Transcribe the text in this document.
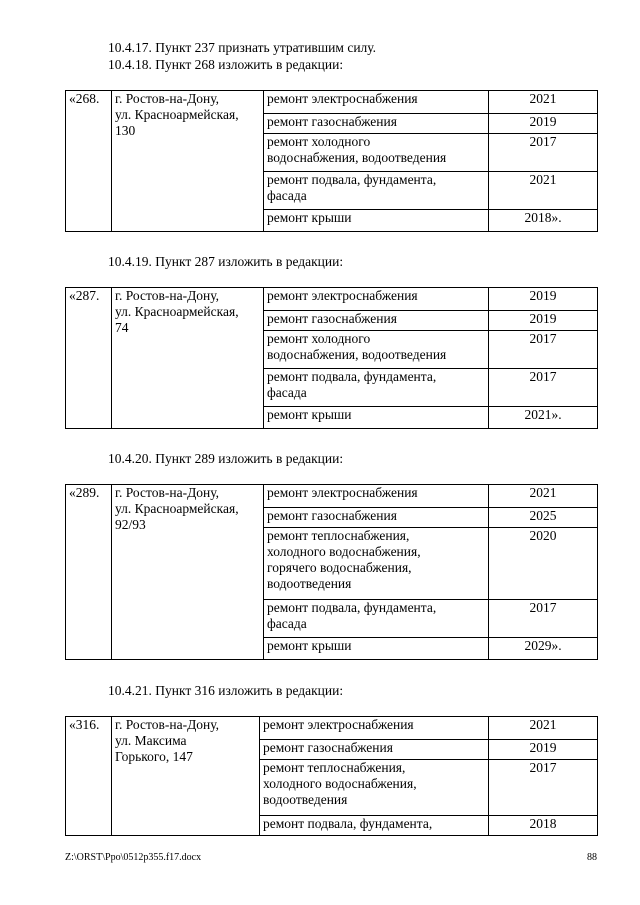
10.4.17. Пункт 237 признать утратившим силу.
10.4.18. Пункт 268 изложить в редакции:
«268.	г. Ростов-на-Дону,
ул. Красноармейская,
130	ремонт электроснабжения	2021
		ремонт газоснабжения	2019
		ремонт холодного
водоснабжения, водоотведения	2017
		ремонт подвала, фундамента,
фасада	2021
		ремонт крыши	2018».
10.4.19. Пункт 287 изложить в редакции:
«287.	г. Ростов-на-Дону,
ул. Красноармейская,
74	ремонт электроснабжения	2019
		ремонт газоснабжения	2019
		ремонт холодного
водоснабжения, водоотведения	2017
		ремонт подвала, фундамента,
фасада	2017
		ремонт крыши	2021».
10.4.20. Пункт 289 изложить в редакции:
«289.	г. Ростов-на-Дону,
ул. Красноармейская,
92/93	ремонт электроснабжения	2021
		ремонт газоснабжения	2025
		ремонт теплоснабжения,
холодного водоснабжения,
горячего водоснабжения,
водоотведения	2020
		ремонт подвала, фундамента,
фасада	2017
		ремонт крыши	2029».
10.4.21. Пункт 316 изложить в редакции:
«316.	г. Ростов-на-Дону,
ул. Максима
Горького, 147	ремонт электроснабжения	2021
		ремонт газоснабжения	2019
		ремонт теплоснабжения,
холодного водоснабжения,
водоотведения	2017
		ремонт подвала, фундамента,	2018
Z:\ORST\Ppo\0512p355.f17.docx	88
